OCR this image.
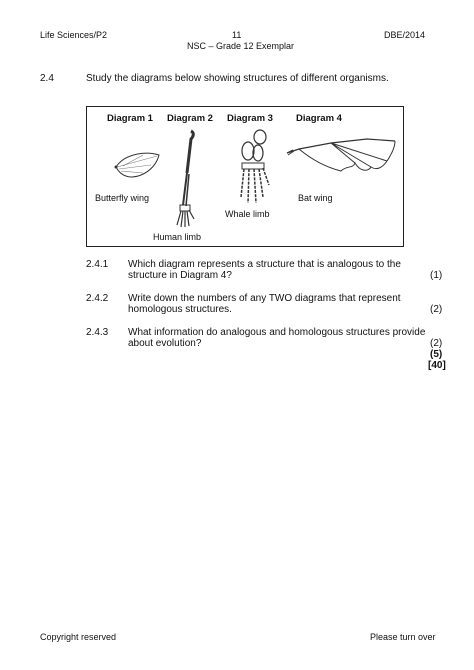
Life Sciences/P2	11	DBE/2014
NSC – Grade 12 Exemplar
2.4	Study the diagrams below showing structures of different organisms.
Diagram 1 Diagram 2 Diagram 3 Diagram 4
Butterfly wing	Bat wing
Whale limb
Human limb
2.4.1 Which diagram represents a structure that is analogous to the
structure in Diagram 4?	(1)
2.4.2 Write down the numbers of any TWO diagrams that represent
homologous structures.	(2)
2.4.3 What information do analogous and homologous structures provide
about evolution?	(2)
(5)
[40]
Copyright reserved	Please turn over
